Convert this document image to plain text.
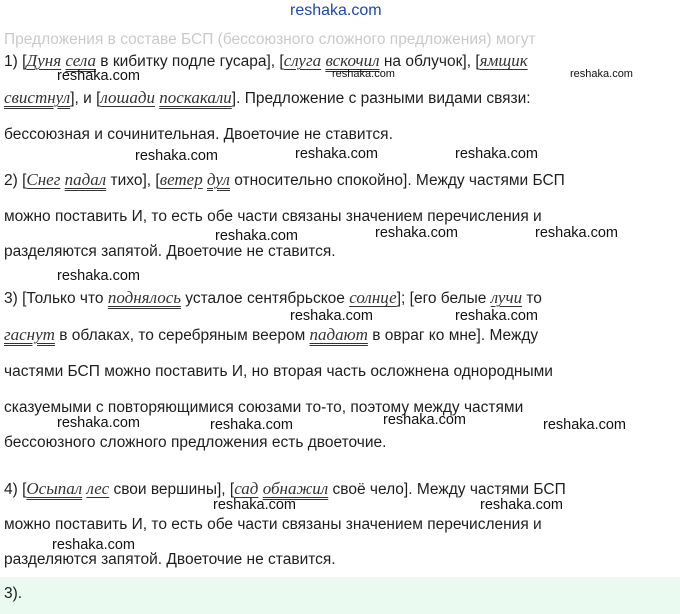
reshaka.com
Предложения в составе БСП (бессоюзного сложного предложения) могут
1) [Дуня села в кибитку подле гусара], [слуга вскочил на облучок], [ямщик
свистнул], и [лошади поскакали]. Предложение с разными видами связи:
бессоюзная и сочинительная. Двоеточие не ставится.
2) [Снег падал тихо], [ветер дул относительно спокойно]. Между частями БСП
можно поставить И, то есть обе части связаны значением перечисления и
разделяются запятой. Двоеточие не ставится.
3) [Только что поднялось усталое сентябрьское солнце]; [его белые лучи то
гаснут в облаках, то серебряным веером падают в овраг ко мне]. Между
частями БСП можно поставить И, но вторая часть осложнена однородными
сказуемыми с повторяющимися союзами то-то, поэтому между частями
бессоюзного сложного предложения есть двоеточие.
4) [Осыпал лес свои вершины], [сад обнажил своё чело]. Между частями БСП
можно поставить И, то есть обе части связаны значением перечисления и
разделяются запятой. Двоеточие не ставится.
3).
reshaka.com	reshaka.com	reshaka.com
reshaka.com	reshaka.com	reshaka.com
reshaka.com	reshaka.com	reshaka.com
reshaka.com
reshaka.com	reshaka.com
reshaka.com	reshaka.com	reshaka.com	reshaka.com
reshaka.com	reshaka.com
reshaka.com
